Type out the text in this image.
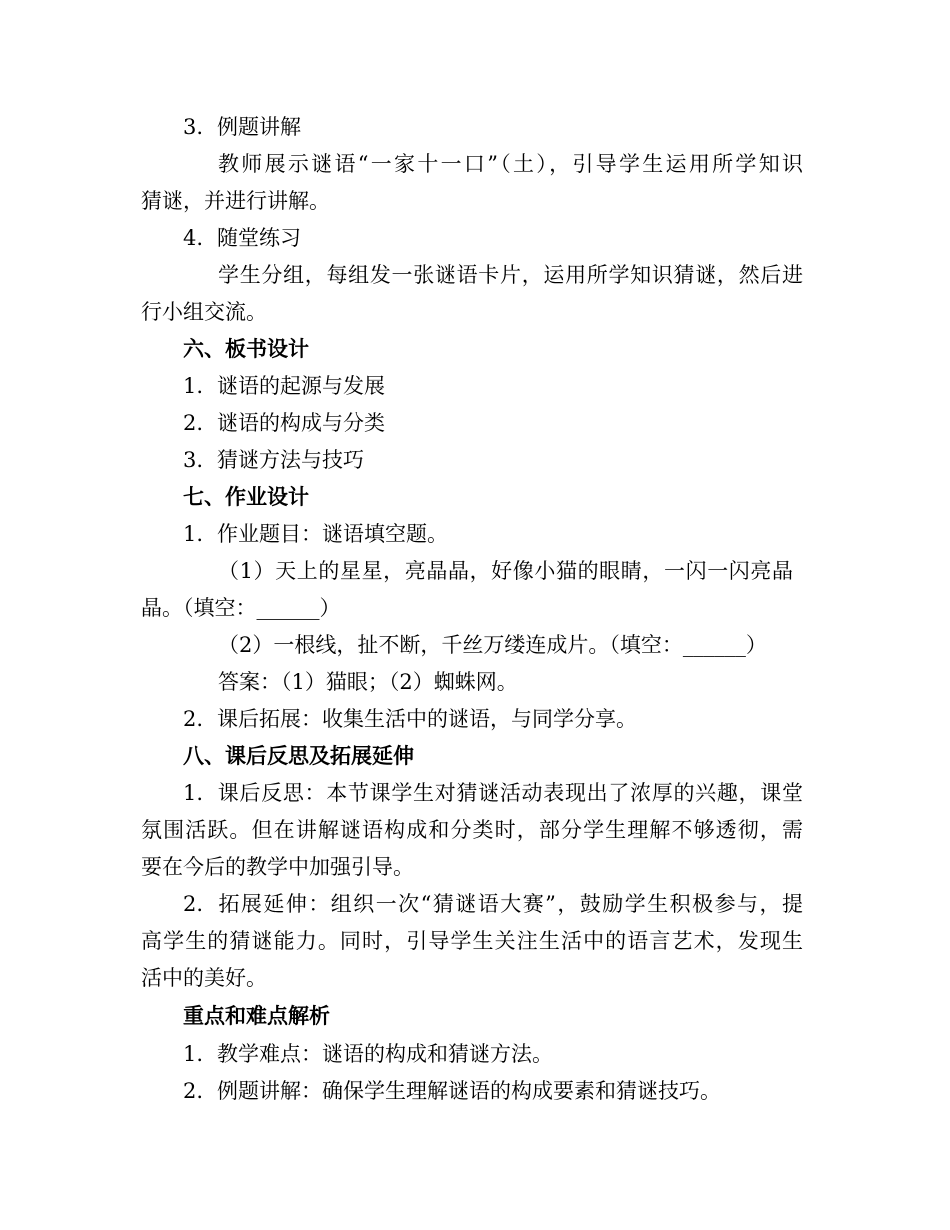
3. 例题讲解
教师展示谜语“一家十一口”（土），引导学生运用所学知识
猜谜，并进行讲解。
4. 随堂练习
学生分组，每组发一张谜语卡片，运用所学知识猜谜，然后进
行小组交流。
六、板书设计
1. 谜语的起源与发展
2. 谜语的构成与分类
3. 猜谜方法与技巧
七、作业设计
1. 作业题目：谜语填空题。
（1）天上的星星，亮晶晶，好像小猫的眼睛，一闪一闪亮晶
晶。（填空：______）
（2）一根线，扯不断，千丝万缕连成片。（填空：______）
答案：（1）猫眼；（2）蜘蛛网。
2. 课后拓展：收集生活中的谜语，与同学分享。
八、课后反思及拓展延伸
1. 课后反思：本节课学生对猜谜活动表现出了浓厚的兴趣，课堂
氛围活跃。但在讲解谜语构成和分类时，部分学生理解不够透彻，需
要在今后的教学中加强引导。
2. 拓展延伸：组织一次“猜谜语大赛”，鼓励学生积极参与，提
高学生的猜谜能力。同时，引导学生关注生活中的语言艺术，发现生
活中的美好。
重点和难点解析
1. 教学难点：谜语的构成和猜谜方法。
2. 例题讲解：确保学生理解谜语的构成要素和猜谜技巧。
